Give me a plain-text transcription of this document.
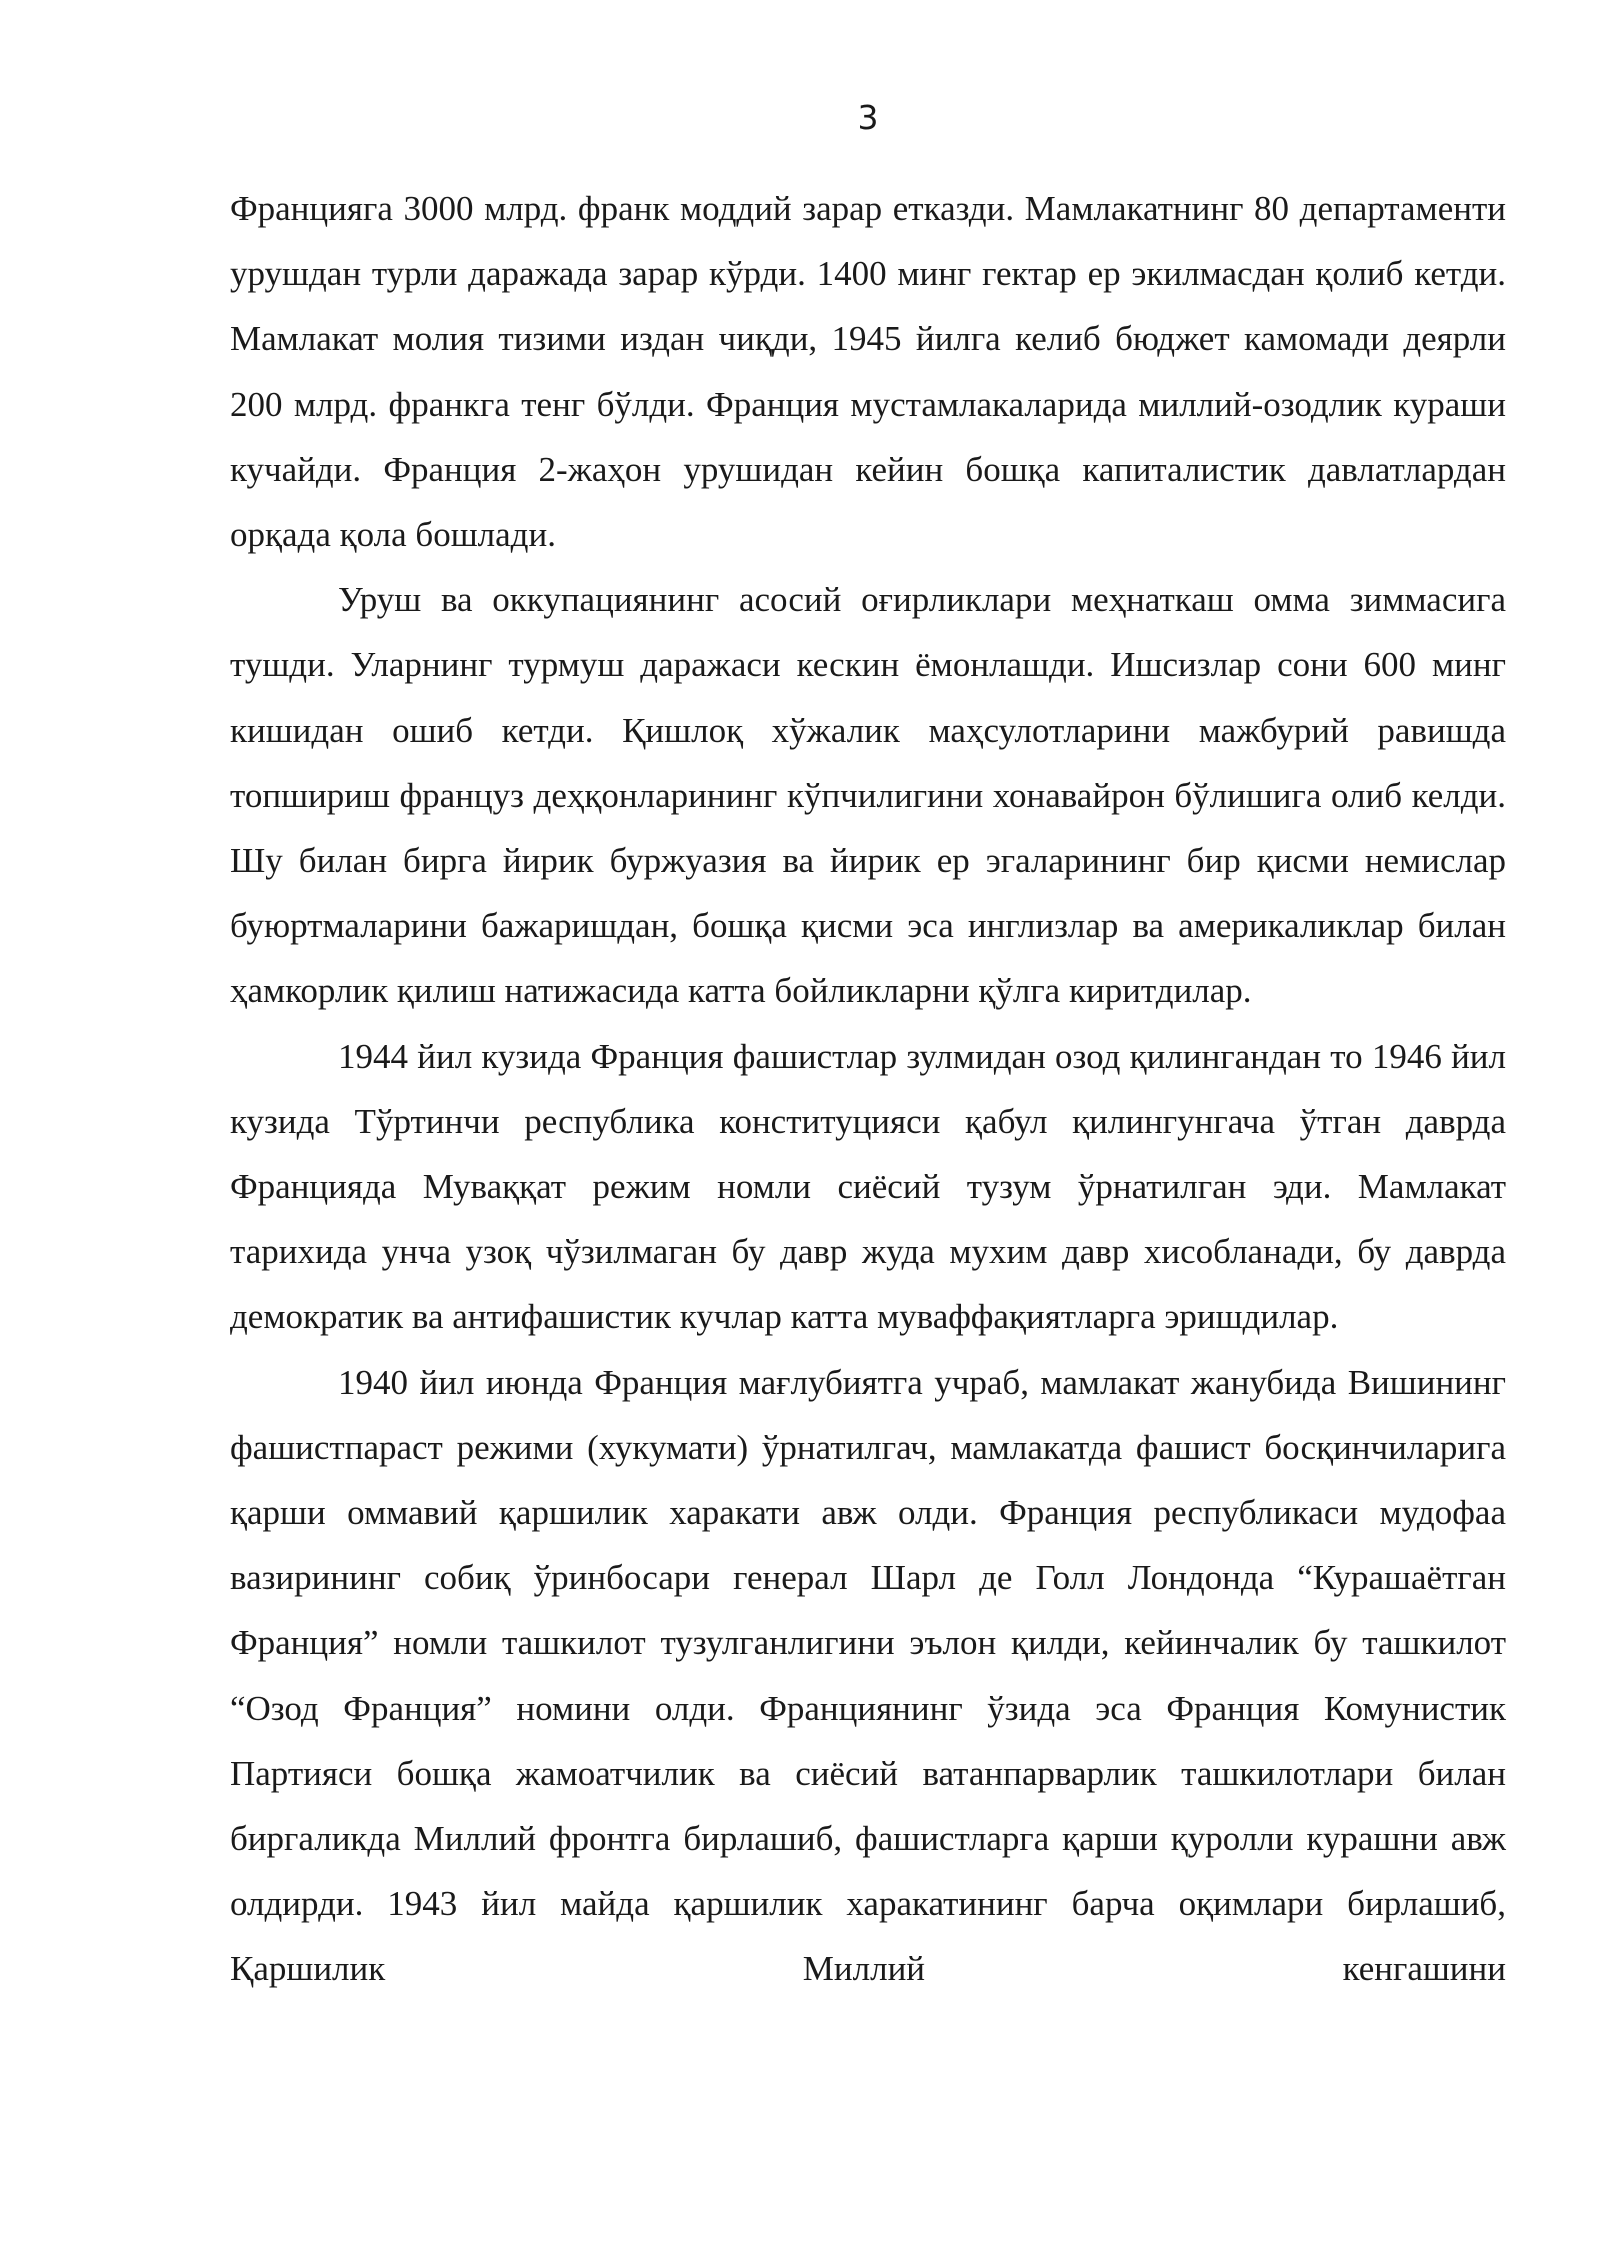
3

Францияга 3000 млрд. франк моддий зарар етказди. Мамлакатнинг 80 департаменти урушдан турли даражада зарар кўрди. 1400 минг гектар ер экилмасдан қолиб кетди. Мамлакат молия тизими издан чиқди, 1945 йилга келиб бюджет камомади деярли 200 млрд. франкга тенг бўлди. Франция мустамлакаларида миллий-озодлик кураши кучайди. Франция 2-жаҳон урушидан кейин бошқа капиталистик давлатлардан орқада қола бошлади.

Уруш ва оккупациянинг асосий оғирликлари меҳнаткаш омма зиммасига тушди. Уларнинг турмуш даражаси кескин ёмонлашди. Ишсизлар сони 600 минг кишидан ошиб кетди. Қишлоқ хўжалик маҳсулотларини мажбурий равишда топшириш француз деҳқонларининг кўпчилигини хонавайрон бўлишига олиб келди. Шу билан бирга йирик буржуазия ва йирик ер эгаларининг бир қисми немислар буюртмаларини бажаришдан, бошқа қисми эса инглизлар ва америкаликлар билан ҳамкорлик қилиш натижасида катта бойликларни қўлга киритдилар.

1944 йил кузида Франция фашистлар зулмидан озод қилингандан то 1946 йил кузида Тўртинчи республика конституцияси қабул қилингунгача ўтган даврда Францияда Муваққат режим номли сиёсий тузум ўрнатилган эди. Мамлакат тарихида унча узоқ чўзилмаган бу давр жуда мухим давр хисобланади, бу даврда демократик ва антифашистик кучлар катта муваффақиятларга эришдилар.

1940 йил июнда Франция мағлубиятга учраб, мамлакат жанубида Вишининг фашистпараст режими (хукумати) ўрнатилгач, мамлакатда фашист босқинчиларига қарши оммавий қаршилик харакати авж олди. Франция республикаси мудофаа вазирининг собиқ ўринбосари генерал Шарл де Голл Лондонда “Курашаётган Франция” номли ташкилот тузулганлигини эълон қилди, кейинчалик бу ташкилот “Озод Франция” номини олди. Франциянинг ўзида эса Франция Комунистик Партияси бошқа жамоатчилик ва сиёсий ватанпарварлик ташкилотлари билан биргаликда Миллий фронтга бирлашиб, фашистларга қарши қуролли курашни авж олдирди. 1943 йил майда қаршилик харакатининг барча оқимлари бирлашиб, Қаршилик Миллий кенгашини
